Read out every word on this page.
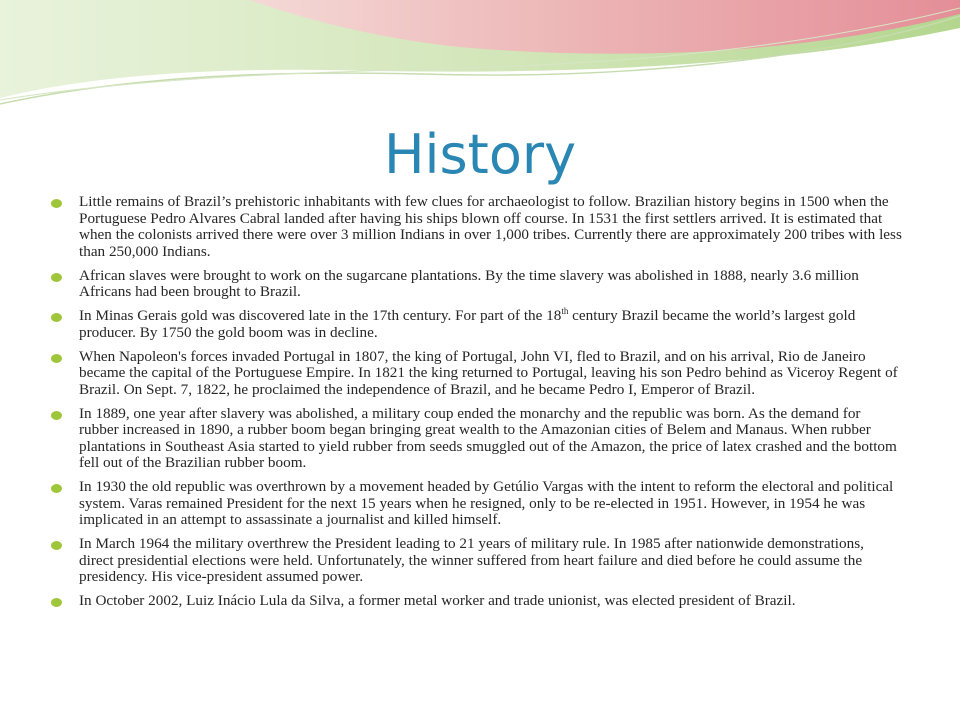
History
Little remains of Brazil’s prehistoric inhabitants with few clues for archaeologist to follow. Brazilian history begins in 1500 when the Portuguese Pedro Alvares Cabral landed after having his ships blown off course. In 1531 the first settlers arrived. It is estimated that when the colonists arrived there were over 3 million Indians in over 1,000 tribes. Currently there are approximately 200 tribes with less than 250,000 Indians.
African slaves were brought to work on the sugarcane plantations. By the time slavery was abolished in 1888, nearly 3.6 million Africans had been brought to Brazil.
In Minas Gerais gold was discovered late in the 17th century. For part of the 18th century Brazil became the world’s largest gold producer. By 1750 the gold boom was in decline.
When Napoleon's forces invaded Portugal in 1807, the king of Portugal, John VI, fled to Brazil, and on his arrival, Rio de Janeiro became the capital of the Portuguese Empire. In 1821 the king returned to Portugal, leaving his son Pedro behind as Viceroy Regent of Brazil. On Sept. 7, 1822, he proclaimed the independence of Brazil, and he became Pedro I, Emperor of Brazil.
In 1889, one year after slavery was abolished, a military coup ended the monarchy and the republic was born. As the demand for rubber increased in 1890, a rubber boom began bringing great wealth to the Amazonian cities of Belem and Manaus. When rubber plantations in Southeast Asia started to yield rubber from seeds smuggled out of the Amazon, the price of latex crashed and the bottom fell out of the Brazilian rubber boom.
In 1930 the old republic was overthrown by a movement headed by Getúlio Vargas with the intent to reform the electoral and political system. Varas remained President for the next 15 years when he resigned, only to be re-elected in 1951. However, in 1954 he was implicated in an attempt to assassinate a journalist and killed himself.
In March 1964 the military overthrew the President leading to 21 years of military rule. In 1985 after nationwide demonstrations, direct presidential elections were held. Unfortunately, the winner suffered from heart failure and died before he could assume the presidency. His vice-president assumed power.
In October 2002, Luiz Inácio Lula da Silva, a former metal worker and trade unionist, was elected president of Brazil.
